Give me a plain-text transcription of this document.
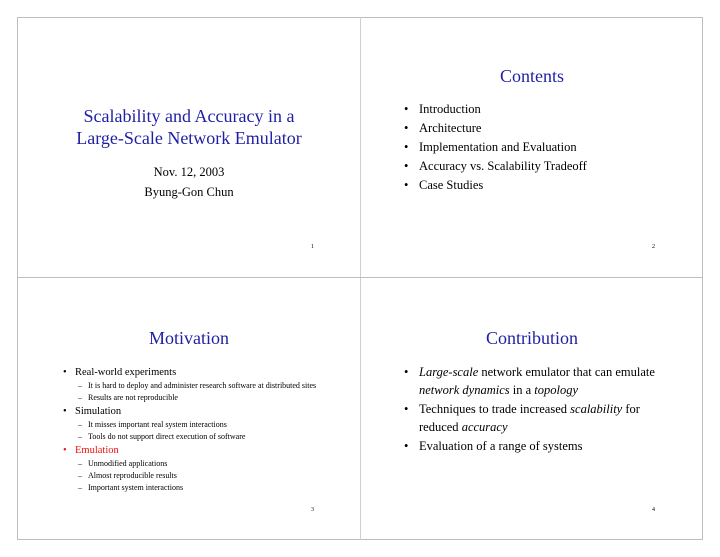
Scalability and Accuracy in a
Large-Scale Network Emulator
Nov. 12, 2003
Byung-Gon Chun
1
Contents
• Introduction
• Architecture
• Implementation and Evaluation
• Accuracy vs. Scalability Tradeoff
• Case Studies
2
Motivation
• Real-world experiments
– It is hard to deploy and administer research software at distributed sites
– Results are not reproducible
• Simulation
– It misses important real system interactions
– Tools do not support direct execution of software
• Emulation
– Unmodified applications
– Almost reproducible results
– Important system interactions
3
Contribution
• Large-scale network emulator that can emulate network dynamics in a topology
• Techniques to trade increased scalability for reduced accuracy
• Evaluation of a range of systems
4
